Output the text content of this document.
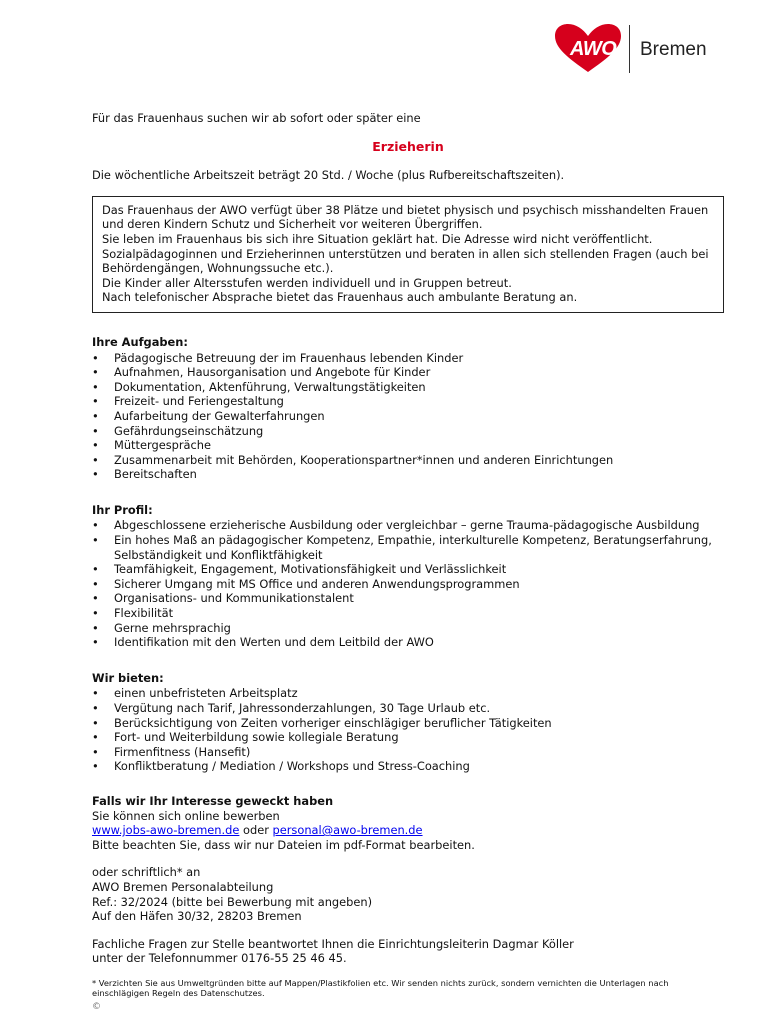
AWO Bremen

Für das Frauenhaus suchen wir ab sofort oder später eine

Erzieherin

Die wöchentliche Arbeitszeit beträgt 20 Std. / Woche (plus Rufbereitschaftszeiten).

Das Frauenhaus der AWO verfügt über 38 Plätze und bietet physisch und psychisch misshandelten Frauen und deren Kindern Schutz und Sicherheit vor weiteren Übergriffen.

Sie leben im Frauenhaus bis sich ihre Situation geklärt hat. Die Adresse wird nicht veröffentlicht.

Sozialpädagoginnen und Erzieherinnen unterstützen und beraten in allen sich stellenden Fragen (auch bei Behördengängen, Wohnungssuche etc.).

Die Kinder aller Altersstufen werden individuell und in Gruppen betreut.

Nach telefonischer Absprache bietet das Frauenhaus auch ambulante Beratung an.

Ihre Aufgaben:
• Pädagogische Betreuung der im Frauenhaus lebenden Kinder
• Aufnahmen, Hausorganisation und Angebote für Kinder
• Dokumentation, Aktenführung, Verwaltungstätigkeiten
• Freizeit- und Feriengestaltung
• Aufarbeitung der Gewalterfahrungen
• Gefährdungseinschätzung
• Müttergespräche
• Zusammenarbeit mit Behörden, Kooperationspartner*innen und anderen Einrichtungen
• Bereitschaften
Ihr Profil:
• Abgeschlossene erzieherische Ausbildung oder vergleichbar – gerne Trauma-pädagogische Ausbildung
• Ein hohes Maß an pädagogischer Kompetenz, Empathie, interkulturelle Kompetenz, Beratungserfahrung, Selbständigkeit und Konfliktfähigkeit
• Teamfähigkeit, Engagement, Motivationsfähigkeit und Verlässlichkeit
• Sicherer Umgang mit MS Office und anderen Anwendungsprogrammen
• Organisations- und Kommunikationstalent
• Flexibilität
• Gerne mehrsprachig
• Identifikation mit den Werten und dem Leitbild der AWO
Wir bieten:
• einen unbefristeten Arbeitsplatz
• Vergütung nach Tarif, Jahressonderzahlungen, 30 Tage Urlaub etc.
• Berücksichtigung von Zeiten vorheriger einschlägiger beruflicher Tätigkeiten
• Fort- und Weiterbildung sowie kollegiale Beratung
• Firmenfitness (Hansefit)
• Konfliktberatung / Mediation / Workshops und Stress-Coaching
Falls wir Ihr Interesse geweckt haben

Sie können sich online bewerben

www.jobs-awo-bremen.de oder personal@awo-bremen.de

Bitte beachten Sie, dass wir nur Dateien im pdf-Format bearbeiten.

oder schriftlich* an

AWO Bremen Personalabteilung

Ref.: 32/2024 (bitte bei Bewerbung mit angeben)

Auf den Häfen 30/32, 28203 Bremen

Fachliche Fragen zur Stelle beantwortet Ihnen die Einrichtungsleiterin Dagmar Köller

unter der Telefonnummer 0176-55 25 46 45.

* Verzichten Sie aus Umweltgründen bitte auf Mappen/Plastikfolien etc. Wir senden nichts zurück, sondern vernichten die Unterlagen nach einschlägigen Regeln des Datenschutzes.
©
